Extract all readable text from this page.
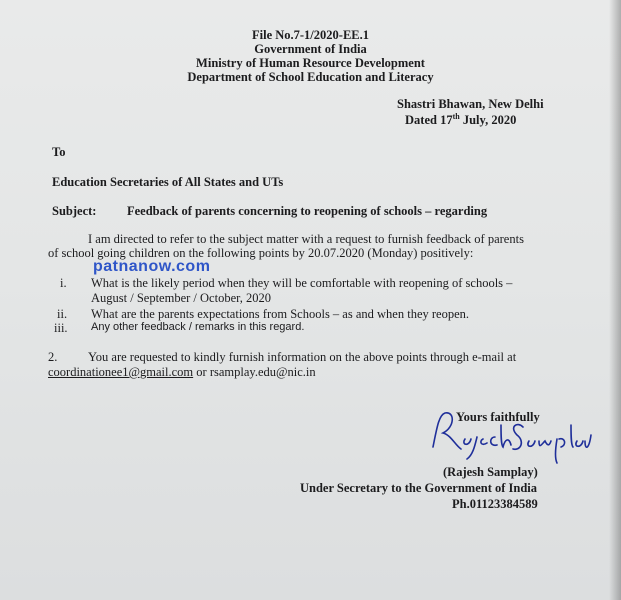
File No.7-1/2020-EE.1
Government of India
Ministry of Human Resource Development
Department of School Education and Literacy
Shastri Bhawan, New Delhi
Dated 17th July, 2020
To
Education Secretaries of All States and UTs
Subject: Feedback of parents concerning to reopening of schools – regarding
I am directed to refer to the subject matter with a request to furnish feedback of parents
of school going children on the following points by 20.07.2020 (Monday) positively:
patnanow.com
i. What is the likely period when they will be comfortable with reopening of schools –
August / September / October, 2020
ii. What are the parents expectations from Schools – as and when they reopen.
iii. Any other feedback / remarks in this regard.
2. You are requested to kindly furnish information on the above points through e-mail at
coordinationee1@gmail.com or rsamplay.edu@nic.in
Yours faithfully
(Rajesh Samplay)
Under Secretary to the Government of India
Ph.01123384589
